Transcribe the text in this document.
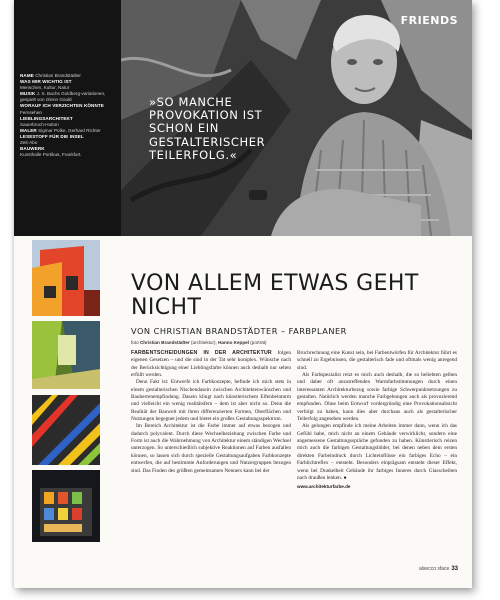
NAME Christian Brandstädter
WAS MIR WICHTIG IST
Menschen, Kultur, Natur
MUSIK J. S. Bachs Goldberg-variationen, gespielt von Glenn Gould
WORAUF ICH VERZICHTEN KÖNNTE Fernsehen
LIEBLINGSARCHITEKT
Sauerbruch-Hutton
MALER Sigmar Polke, Gerhard Richter
LESESTOFF FÜR DIE INSEL
Zeit-Abo
BAUWERK
Kunsthalle Portikus, Frankfurt.
FRIENDS
»SO MANCHE PROVOKATION IST SCHON EIN GESTALTERISCHER TEILERFOLG.«
VON ALLEM ETWAS GEHT NICHT
VON CHRISTIAN BRANDSTÄDTER – FARBPLANER
foto Christian Brandstädter (architektur), Hanno Keppel (porträt)

FARBENTSCHEIDUNGEN IN DER ARCHITEKTUR folgen eigenen Gesetzen – und die sind in der Tat sehr komplex. Wünsche nach der Berücksichtigung einer Lieblingsfarbe können auch deshalb nur selten erfüllt werden.

Denn Fakt ist: Entwerfe ich Farbkonzepte, befinde ich mich stets in einem gestalterischen Nischendasein zwischen Architektenwünschen und Bauherrenempfindung. Dasein klingt nach künstlerischem Elfenbeinturm und vielleicht ein wenig realitätsfern – dem ist aber nicht so. Denn die Realität der Bauwelt mit ihren differenzierten Formen, Oberflächen und Nutzungen begegnet jedem und bietet ein großes Gestaltungsspektrum.

Im Bereich Architektur ist die Farbe immer auf etwas bezogen und dadurch polyvalent. Durch diese Wechselbeziehung zwischen Farbe und Form ist auch die Wahrnehmung von Architektur einem ständigen Wechsel unterzogen. So unterschiedlich subjektive Reaktionen auf Farben ausfallen können, so lassen sich durch spezielle Gestaltungsaufgaben Farbkonzepte entwerfen, die auf bestimmte Anforderungen und Nutzergruppen bezogen sind. Das Finden des größten gemeinsamen Nenners kann bei der

Bruchrechnung eine Kunst sein, bei Farbentwürfen für Architektur führt es schnell zu Ergebnissen, die gestalterisch fade und oftmals wenig anregend sind.

Als Farbspezialist reizt es mich auch deshalb, die so beliebten gelben und daher oft anzutreffenden Warmfarbstimmungen durch einen interessanten Architekturbezug sowie farbige Schwerpunktsetzungen zu gestalten. Natürlich werden manche Farbgebungen auch als provozierend empfunden. Ohne beim Entwurf vordergründig eine Provokationsabsicht verfolgt zu haben, kann dies aber durchaus auch als gestalterischer Teilerfolg angesehen werden.

Als gelungen empfinde ich meine Arbeiten immer dann, wenn ich das Gefühl habe, mich nicht an einem Gebäude verwirklicht, sondern eine angemessene Gestaltungsspräche gefunden zu haben. Künstlerisch reizen mich auch die farbigen Gestaltungsbilder, bei denen neben dem ersten direkten Farbeindruck durch Lichteinflüsse ein farbiges Echo – ein Farblichtreflex – entsteht. Besonders einprägsam entsteht dieser Effekt, wenn bei Dunkelheit Gebäude ihr farbiges Inneres durch Glasscheiben nach draußen lenken. ●

www.architekturfarbe.de
alsecco sface 33
